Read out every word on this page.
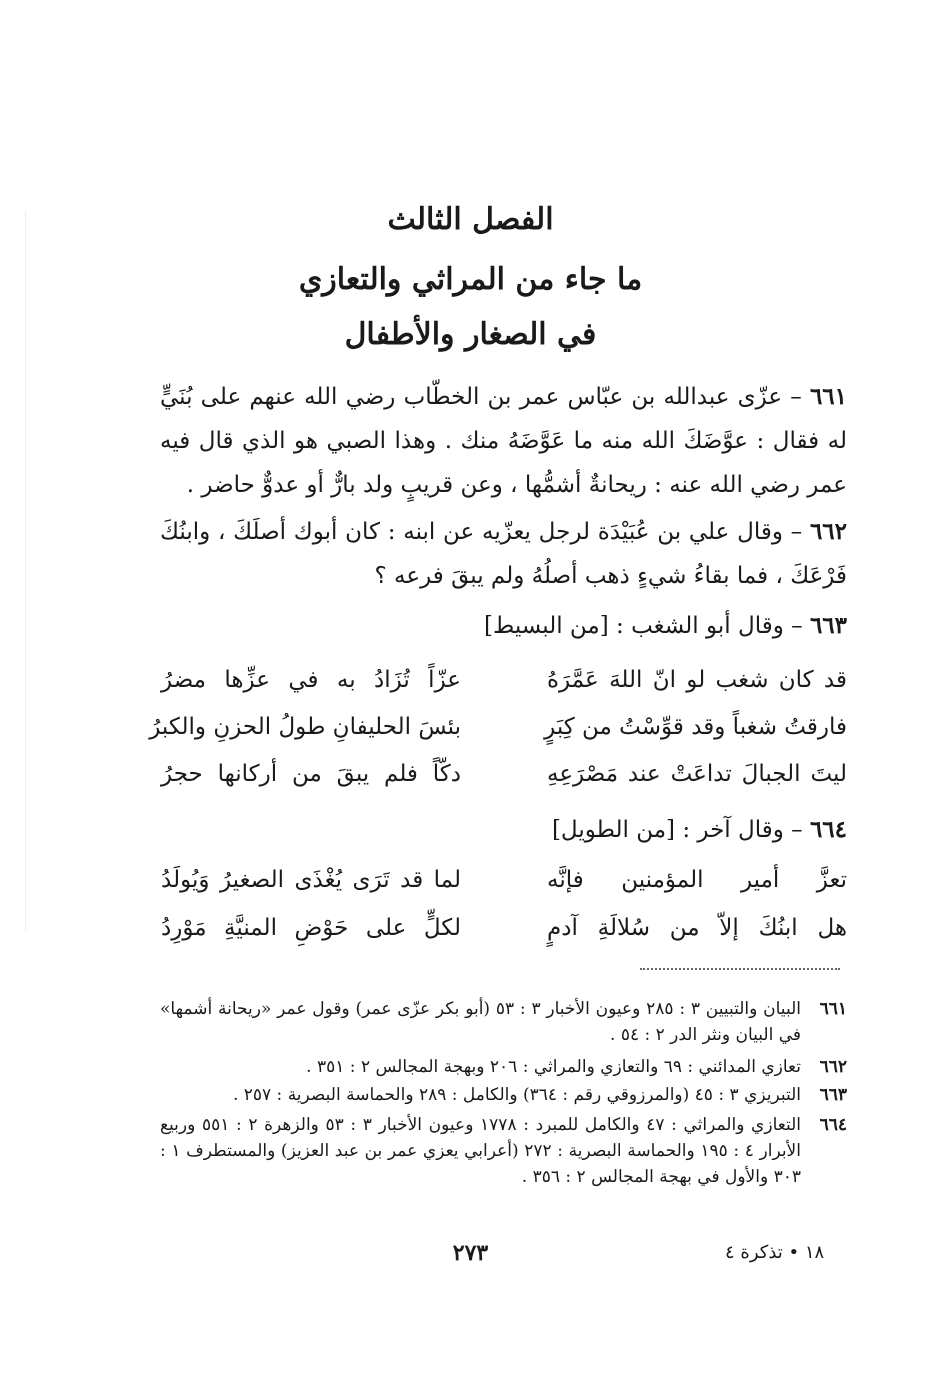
الفصل الثالث
ما جاء من المراثي والتعازي
في الصغار والأطفال
٦٦١ – عزّى عبدالله بن عبّاس عمر بن الخطّاب رضي الله عنهم على بُنَيٍّ له فقال : عوَّضَكَ الله منه ما عَوَّضَهُ منك . وهذا الصبي هو الذي قال فيه عمر رضي الله عنه : ريحانةٌ أشمُّها ، وعن قريبٍ ولد بارٌّ أو عدوٌّ حاضر .
٦٦٢ – وقال علي بن عُبَيْدَة لرجل يعزّيه عن ابنه : كان أبوك أصلَكَ ، وابنُكَ فَرْعَكَ ، فما بقاءُ شيءٍ ذهب أصلُهُ ولم يبقَ فرعه ؟
٦٦٣ – وقال أبو الشغب : [من البسيط]
قد كان شغب لو انّ اللهَ عَمَّرَهُ
عزّاً تُزَادُ به في عزِّها مضرُ
فارقتُ شغباً وقد قوِّسْتُ من كِبَرٍ
بئسَ الحليفانِ طولُ الحزنِ والكبرُ
ليتَ الجبالَ تداعَتْ عند مَصْرَعِهِ
دكّاً فلم يبقَ من أركانها حجرُ
٦٦٤ – وقال آخر : [من الطويل]
تعزَّ أمير المؤمنين فإنَّه
لما قد تَرَى يُغْذَى الصغيرُ وَيُولَدُ
هل ابنُكَ إلاّ من سُلالَةِ آدمٍ
لكلٍّ على حَوْضِ المنيَّةِ مَوْرِدُ
٦٦١
البيان والتبيين ٣ : ٢٨٥ وعيون الأخبار ٣ : ٥٣ (أبو بكر عزّى عمر) وقول عمر «ريحانة أشمها» في البيان ونثر الدر ٢ : ٥٤ .
٦٦٢
تعازي المدائني : ٦٩ والتعازي والمراثي : ٢٠٦ وبهجة المجالس ٢ : ٣٥١ .
٦٦٣
التبريزي ٣ : ٤٥ (والمرزوقي رقم : ٣٦٤) والكامل : ٢٨٩ والحماسة البصرية : ٢٥٧ .
٦٦٤
التعازي والمراثي : ٤٧ والكامل للمبرد : ١٧٧٨ وعيون الأخبار ٣ : ٥٣ والزهرة ٢ : ٥٥١ وربيع الأبرار ٤ : ١٩٥ والحماسة البصرية : ٢٧٢ (أعرابي يعزي عمر بن عبد العزيز) والمستطرف ١ : ٣٠٣ والأول في بهجة المجالس ٢ : ٣٥٦ .
١٨ • تذكرة ٤
٢٧٣
